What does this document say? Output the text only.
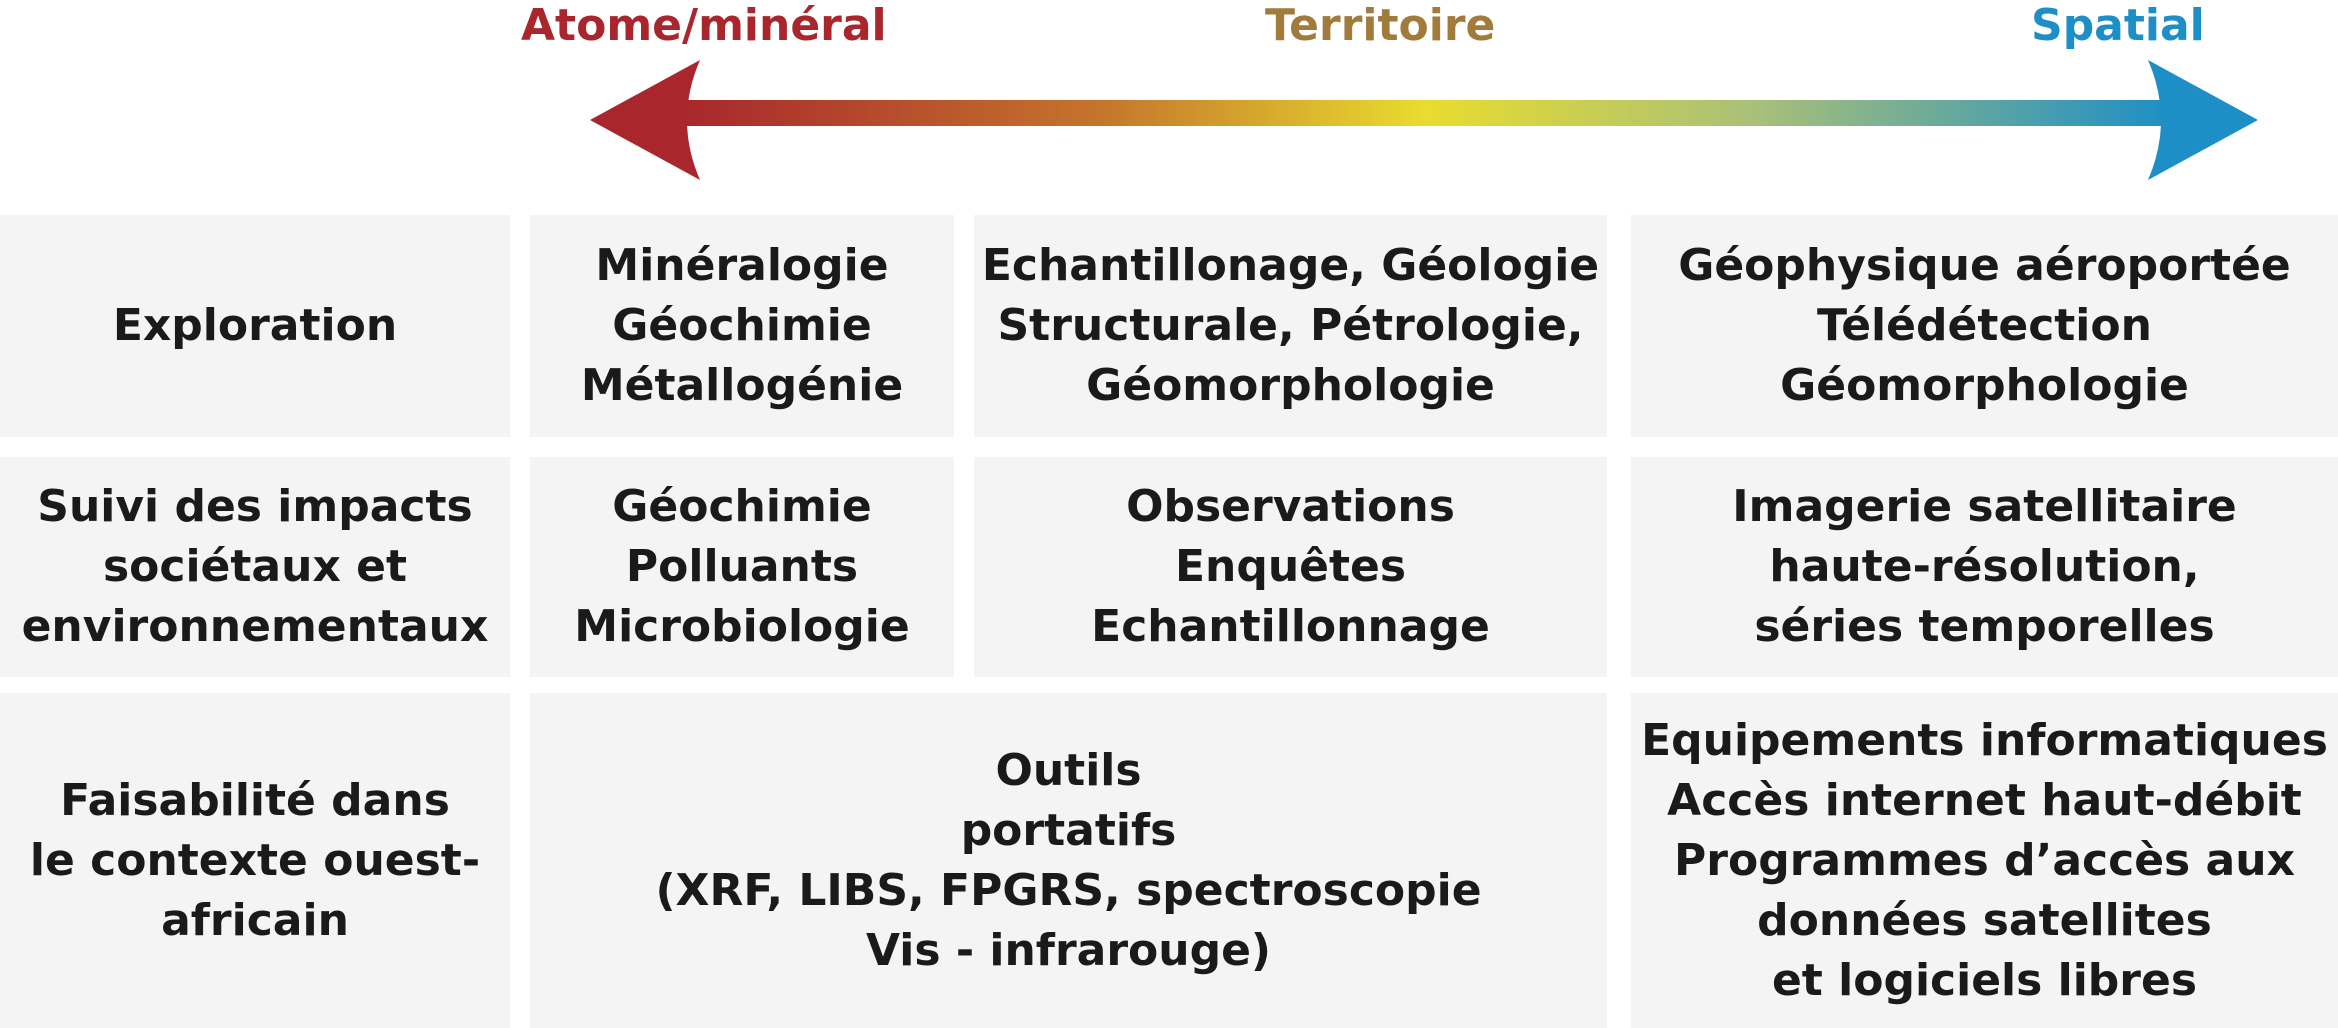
Atome/minéral	Territoire	Spatial
Exploration
Minéralogie
Géochimie
Métallogénie
Echantillonage, Géologie
Structurale, Pétrologie,
Géomorphologie
Géophysique aéroportée
Télédétection
Géomorphologie
Suivi des impacts
sociétaux et
environnementaux
Géochimie
Polluants
Microbiologie
Observations
Enquêtes
Echantillonnage
Imagerie satellitaire
haute-résolution,
séries temporelles
Faisabilité dans
le contexte ouest-
africain
Outils
portatifs
(XRF, LIBS, FPGRS, spectroscopie
Vis - infrarouge)
Equipements informatiques
Accès internet haut-débit
Programmes d’accès aux
données satellites
et logiciels libres
